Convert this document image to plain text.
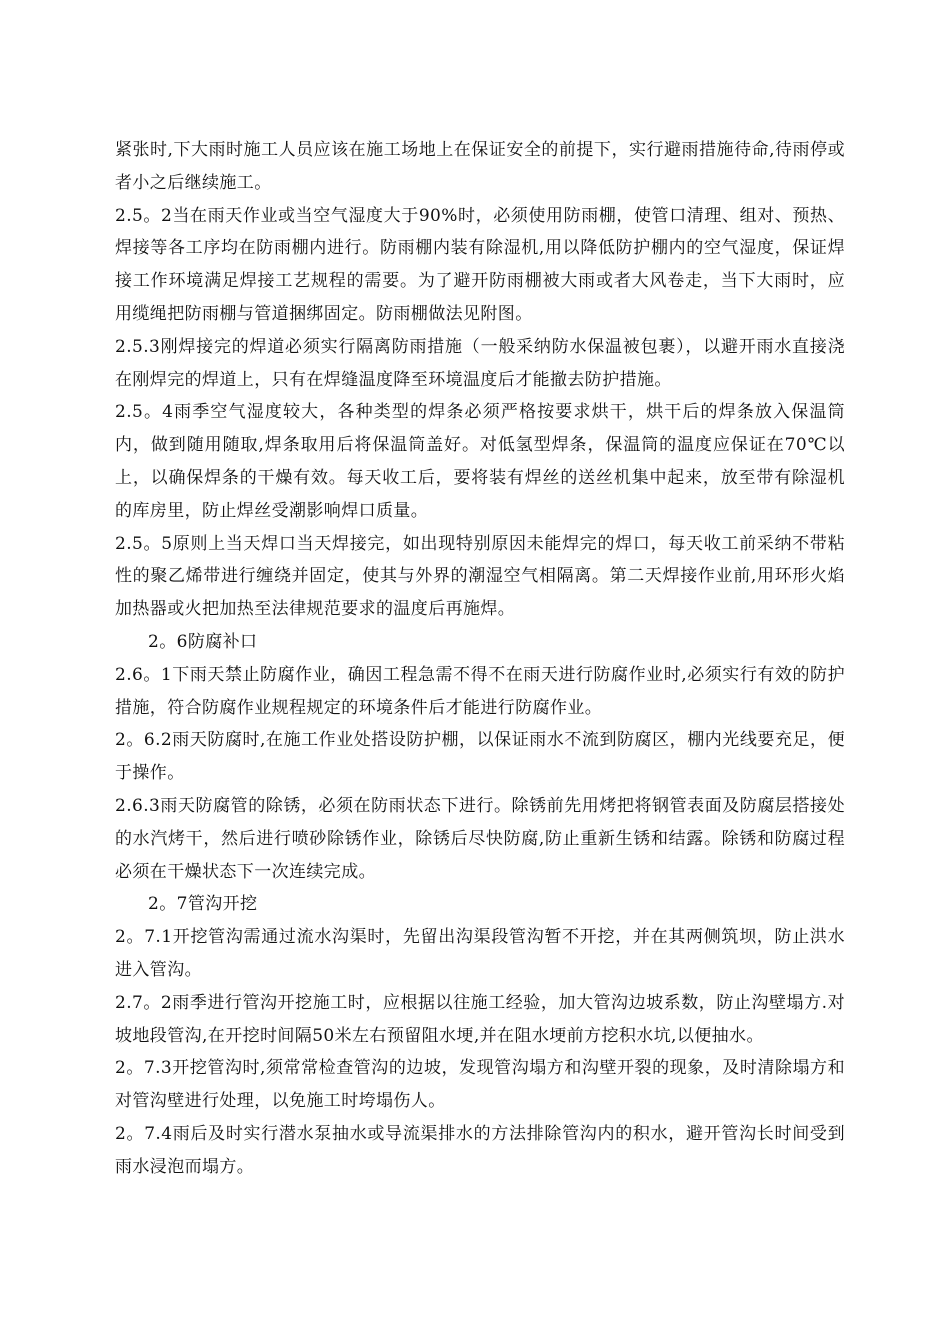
紧张时,下大雨时施工人员应该在施工场地上在保证安全的前提下，实行避雨措施待命,待雨停或者小之后继续施工。

2.5。2当在雨天作业或当空气湿度大于90%时，必须使用防雨棚，使管口清理、组对、预热、焊接等各工序均在防雨棚内进行。防雨棚内装有除湿机,用以降低防护棚内的空气湿度，保证焊接工作环境满足焊接工艺规程的需要。为了避开防雨棚被大雨或者大风卷走，当下大雨时，应用缆绳把防雨棚与管道捆绑固定。防雨棚做法见附图。

2.5.3刚焊接完的焊道必须实行隔离防雨措施（一般采纳防水保温被包裹），以避开雨水直接浇在刚焊完的焊道上，只有在焊缝温度降至环境温度后才能撤去防护措施。

2.5。4雨季空气湿度较大，各种类型的焊条必须严格按要求烘干，烘干后的焊条放入保温筒内，做到随用随取,焊条取用后将保温筒盖好。对低氢型焊条，保温筒的温度应保证在70℃以上，以确保焊条的干燥有效。每天收工后，要将装有焊丝的送丝机集中起来，放至带有除湿机的库房里，防止焊丝受潮影响焊口质量。

2.5。5原则上当天焊口当天焊接完，如出现特别原因未能焊完的焊口，每天收工前采纳不带粘性的聚乙烯带进行缠绕并固定，使其与外界的潮湿空气相隔离。第二天焊接作业前,用环形火焰加热器或火把加热至法律规范要求的温度后再施焊。

2。6防腐补口

2.6。1下雨天禁止防腐作业，确因工程急需不得不在雨天进行防腐作业时,必须实行有效的防护措施，符合防腐作业规程规定的环境条件后才能进行防腐作业。

2。6.2雨天防腐时,在施工作业处搭设防护棚，以保证雨水不流到防腐区，棚内光线要充足，便于操作。

2.6.3雨天防腐管的除锈，必须在防雨状态下进行。除锈前先用烤把将钢管表面及防腐层搭接处的水汽烤干，然后进行喷砂除锈作业，除锈后尽快防腐,防止重新生锈和结露。除锈和防腐过程必须在干燥状态下一次连续完成。

2。7管沟开挖

2。7.1开挖管沟需通过流水沟渠时，先留出沟渠段管沟暂不开挖，并在其两侧筑坝，防止洪水进入管沟。

2.7。2雨季进行管沟开挖施工时，应根据以往施工经验，加大管沟边坡系数，防止沟壁塌方.对坡地段管沟,在开挖时间隔50米左右预留阻水埂,并在阻水埂前方挖积水坑,以便抽水。

2。7.3开挖管沟时,须常常检查管沟的边坡，发现管沟塌方和沟壁开裂的现象，及时清除塌方和对管沟壁进行处理，以免施工时垮塌伤人。

2。7.4雨后及时实行潜水泵抽水或导流渠排水的方法排除管沟内的积水，避开管沟长时间受到雨水浸泡而塌方。
